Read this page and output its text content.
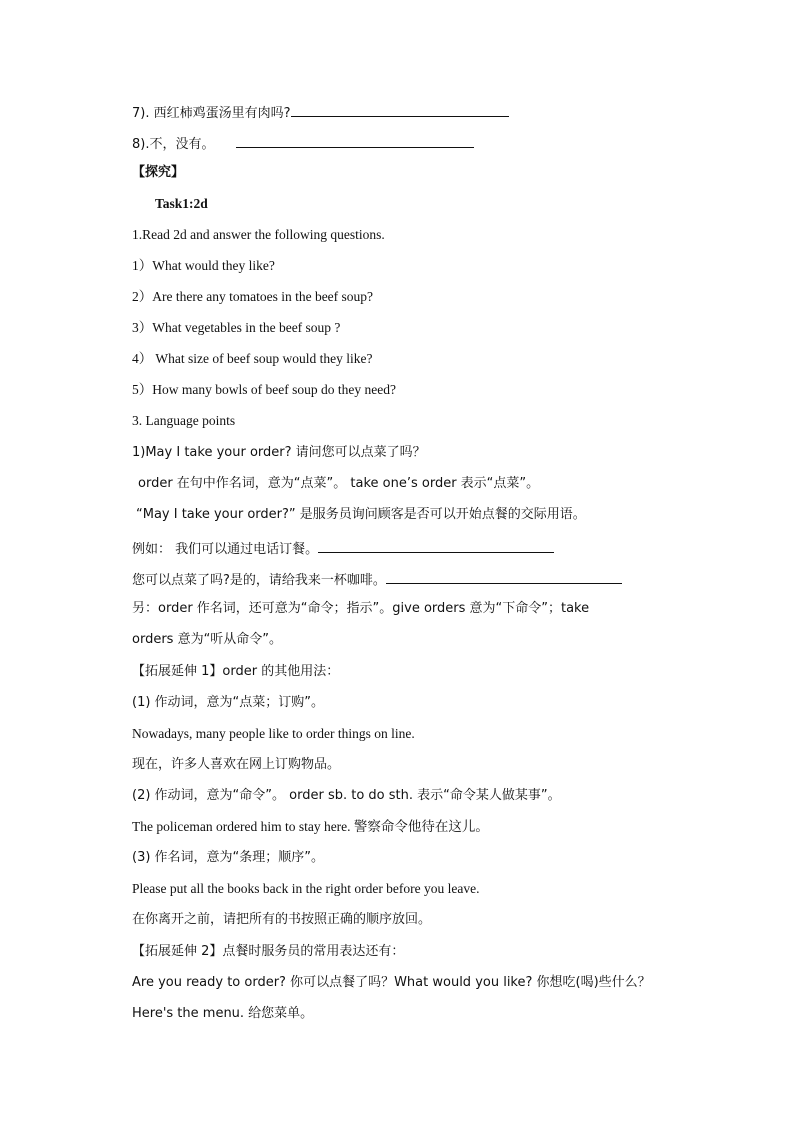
7). 西红柿鸡蛋汤里有肉吗?
8).不，没有。
【探究】
Task1:2d
1.Read 2d and answer the following questions.
1）What would they like?
2）Are there any tomatoes in the beef soup?
3）What vegetables in the beef soup ?
4） What size of beef soup would they like?
5）How many bowls of beef soup do they need?
3. Language points
1)May I take your order? 请问您可以点菜了吗？
order 在句中作名词，意为“点菜”。 take one’s order 表示“点菜”。
“May I take your order?” 是服务员询问顾客是否可以开始点餐的交际用语。
例如： 我们可以通过电话订餐。
您可以点菜了吗?是的，请给我来一杯咖啡。
另：order 作名词，还可意为“命令；指示”。give orders 意为“下命令”；take
orders 意为“听从命令”。
【拓展延伸 1】order 的其他用法：
(1) 作动词，意为“点菜；订购”。
Nowadays, many people like to order things on line.
现在，许多人喜欢在网上订购物品。
(2) 作动词，意为“命令”。 order sb. to do sth. 表示“命令某人做某事”。
The policeman ordered him to stay here. 警察命令他待在这儿。
(3) 作名词，意为“条理；顺序”。
Please put all the books back in the right order before you leave.
在你离开之前，请把所有的书按照正确的顺序放回。
【拓展延伸 2】点餐时服务员的常用表达还有：
Are you ready to order? 你可以点餐了吗？What would you like? 你想吃(喝)些什么？
Here's the menu. 给您菜单。
